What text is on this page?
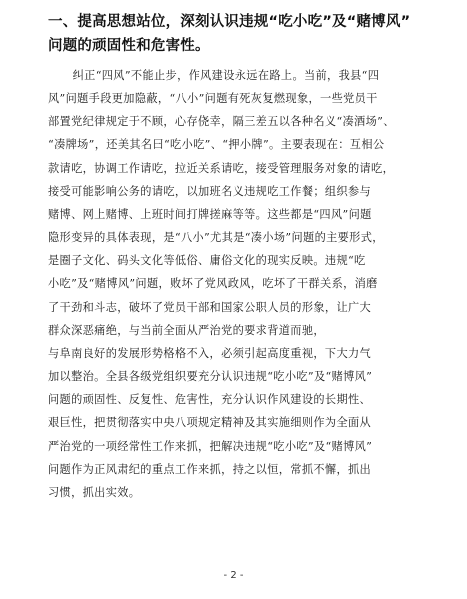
一、提高思想站位，深刻认识违规“吃小吃”及“赌博风”
问题的顽固性和危害性。
纠正“四风”不能止步，作风建设永远在路上。当前，我县“四
风”问题手段更加隐蔽，“八小”问题有死灰复燃现象，一些党员干
部置党纪律规定于不顾，心存侥幸，隔三差五以各种名义“凑酒场”、
“凑牌场”，还美其名曰“吃小吃”、“押小牌”。主要表现在：互相公
款请吃，协调工作请吃，拉近关系请吃，接受管理服务对象的请吃，
接受可能影响公务的请吃，以加班名义违规吃工作餐；组织参与
赌博、网上赌博、上班时间打牌搓麻等等。这些都是“四风”问题
隐形变异的具体表现，是“八小”尤其是“凑小场”问题的主要形式，
是圈子文化、码头文化等低俗、庸俗文化的现实反映。违规“吃
小吃”及“赌博风”问题，败坏了党风政风，吃坏了干群关系，消磨
了干劲和斗志，破坏了党员干部和国家公职人员的形象，让广大
群众深恶痛绝，与当前全面从严治党的要求背道而驰，
与阜南良好的发展形势格格不入，必须引起高度重视，下大力气
加以整治。全县各级党组织要充分认识违规“吃小吃”及“赌博风”
问题的顽固性、反复性、危害性，充分认识作风建设的长期性、
艰巨性，把贯彻落实中央八项规定精神及其实施细则作为全面从
严治党的一项经常性工作来抓，把解决违规“吃小吃”及“赌博风”
问题作为正风肃纪的重点工作来抓，持之以恒，常抓不懈，抓出
习惯，抓出实效。
- 2 -
